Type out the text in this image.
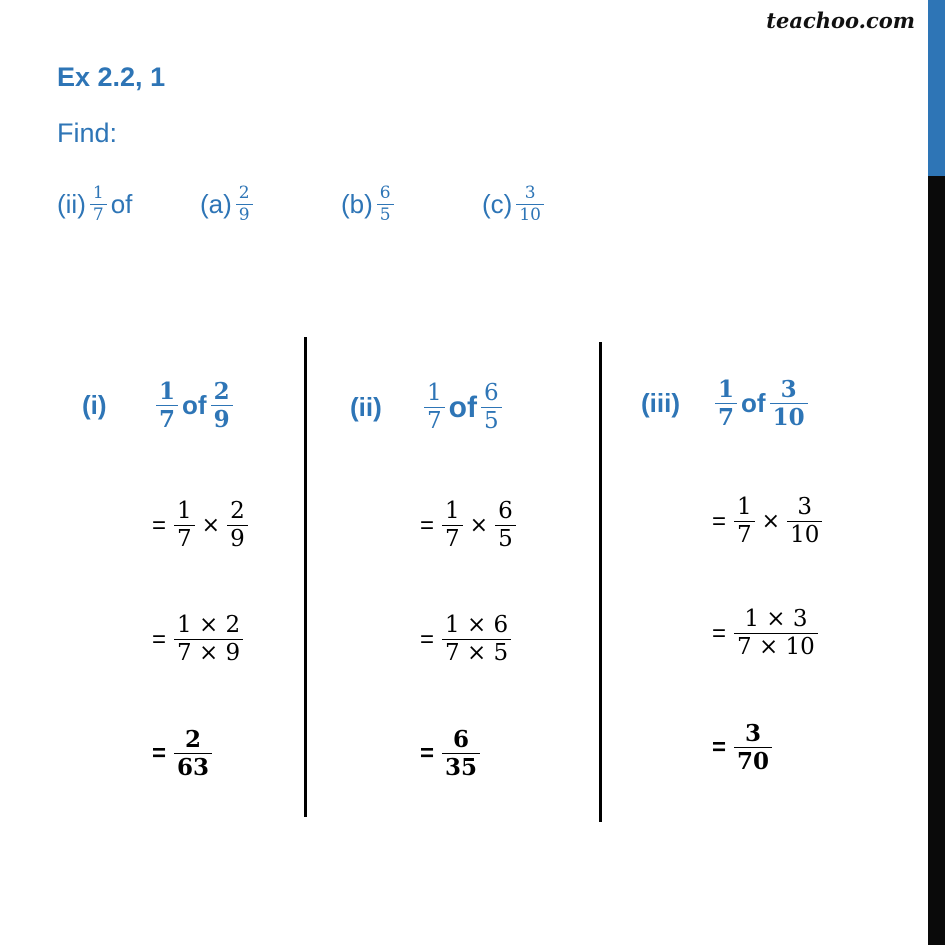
teachoo.com
Ex 2.2, 1
Find:
$(ii) \frac{1}{7}$ of	$(a) \frac{2}{9}$	$(b) \frac{6}{5}$	$(c) \frac{3}{10}$
(i)	$\frac{1}{7}$ of $\frac{2}{9}$
= $\frac{1}{7} \times \frac{2}{9}$
= $\frac{1 \times 2}{7 \times 9}$
= $\frac{2}{63}$
(ii)	$\frac{1}{7}$ of $\frac{6}{5}$
= $\frac{1}{7} \times \frac{6}{5}$
= $\frac{1 \times 6}{7 \times 5}$
= $\frac{6}{35}$
(iii)	$\frac{1}{7}$ of $\frac{3}{10}$
= $\frac{1}{7} \times \frac{3}{10}$
= $\frac{1 \times 3}{7 \times 10}$
= $\frac{3}{70}$
